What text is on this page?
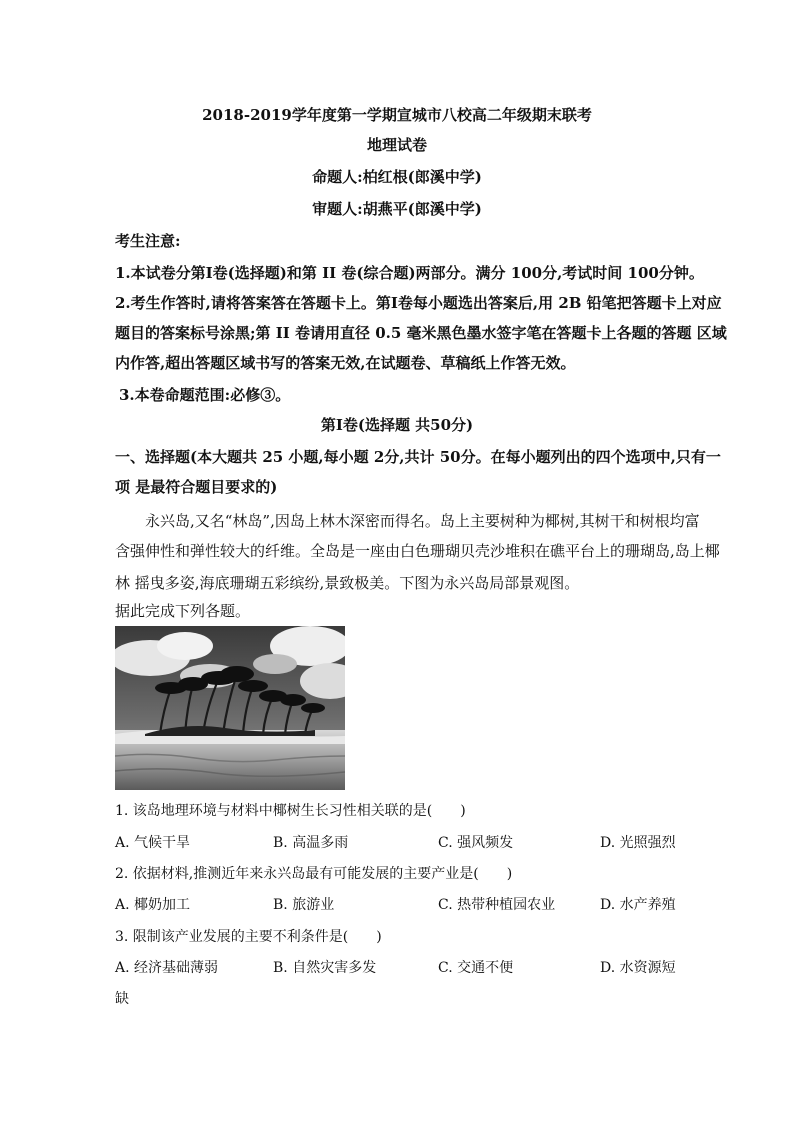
2018-2019学年度第一学期宣城市八校高二年级期末联考
地理试卷
命题人:柏红根(郎溪中学)
审题人:胡燕平(郎溪中学)
考生注意:
1.本试卷分第Ⅰ卷(选择题)和第 II 卷(综合题)两部分。满分 100分,考试时间 100分钟。
2.考生作答时,请将答案答在答题卡上。第Ⅰ卷每小题选出答案后,用 2B 铅笔把答题卡上对应
题目的答案标号涂黑;第 II 卷请用直径 0.5 毫米黑色墨水签字笔在答题卡上各题的答题 区域
内作答,超出答题区域书写的答案无效,在试题卷、草稿纸上作答无效。
3.本卷命题范围:必修③。
第Ⅰ卷(选择题 共50分)
一、选择题(本大题共 25 小题,每小题 2分,共计 50分。在每小题列出的四个选项中,只有一
项 是最符合题目要求的)
永兴岛,又名“林岛”,因岛上林木深密而得名。岛上主要树种为椰树,其树干和树根均富
含强伸性和弹性较大的纤维。全岛是一座由白色珊瑚贝壳沙堆积在礁平台上的珊瑚岛,岛上椰
林 摇曳多姿,海底珊瑚五彩缤纷,景致极美。下图为永兴岛局部景观图。
据此完成下列各题。
1. 该岛地理环境与材料中椰树生长习性相关联的是(　　)
A. 气候干旱	B. 高温多雨	C. 强风频发	D. 光照强烈
2. 依据材料,推测近年来永兴岛最有可能发展的主要产业是(　　)
A. 椰奶加工	B. 旅游业	C. 热带种植园农业	D. 水产养殖
3. 限制该产业发展的主要不利条件是(　　)
A. 经济基础薄弱	B. 自然灾害多发	C. 交通不便	D. 水资源短
缺
